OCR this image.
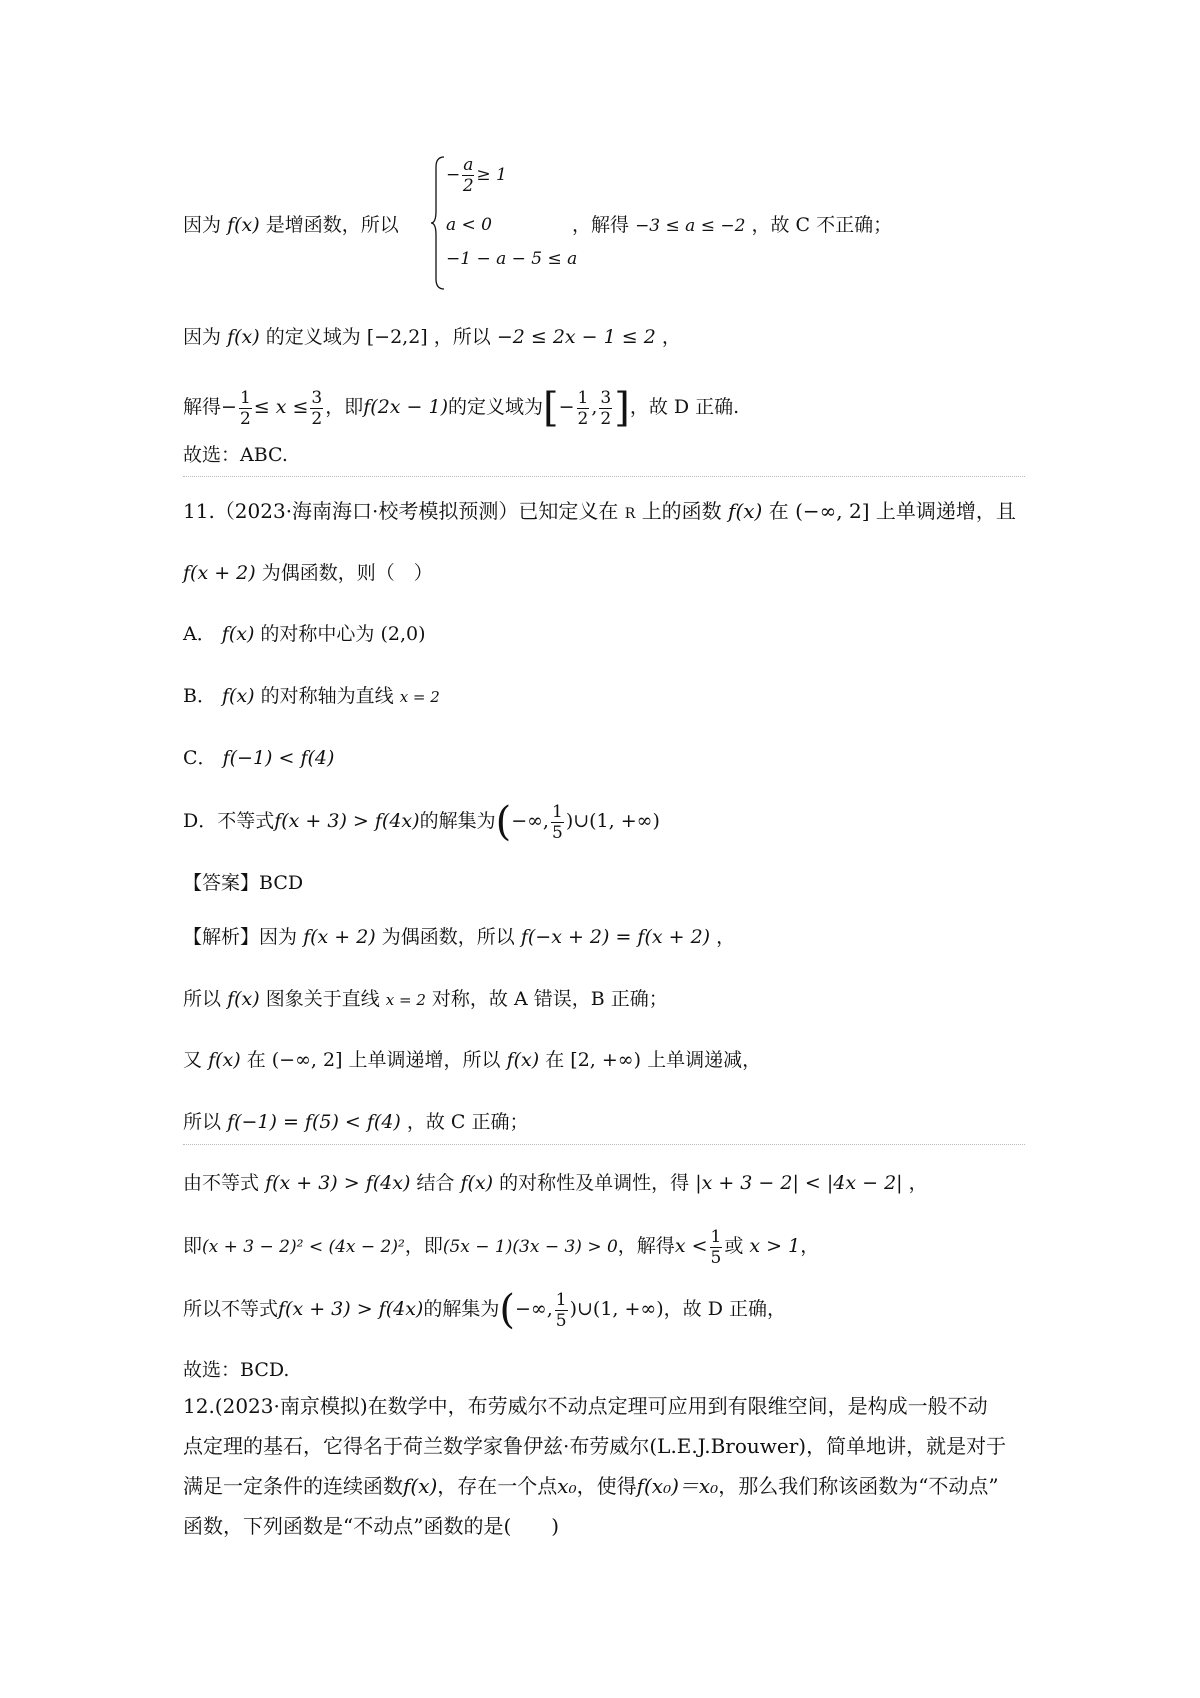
因为 f(x) 是增函数，所以
− $\frac{a}{2} \ge 1$
a < 0
−1 − a − 5 ≤ a
，解得 −3 ≤ a ≤ −2 ，故 C 不正确；
因为 f(x) 的定义域为 [−2,2] ，所以 −2 ≤ 2x − 1 ≤ 2 ，
解得− $\frac{1}{2} \le x \le \frac{3}{2}$ ，即f(2x − 1)的定义域为[− $\frac{1}{2}$ , $\frac{3}{2}$ ]，故 D 正确.
故选：ABC.
11.（2023·海南海口·校考模拟预测）已知定义在 R 上的函数 f(x) 在 (−∞, 2] 上单调递增，且
f(x + 2) 为偶函数，则（　）
A． f(x) 的对称中心为 (2,0)
B． f(x) 的对称轴为直线 x = 2
C． f(−1) < f(4)
D．不等式f(x + 3) > f(4x)的解集为(−∞, $\frac{1}{5}$ )∪(1, +∞)
【答案】BCD
【解析】因为 f(x + 2) 为偶函数，所以 f(−x + 2) = f(x + 2) ，
所以 f(x) 图象关于直线 x = 2 对称，故 A 错误，B 正确；
又 f(x) 在 (−∞, 2] 上单调递增，所以 f(x) 在 [2, +∞) 上单调递减，
所以 f(−1) = f(5) < f(4) ，故 C 正确；
由不等式 f(x + 3) > f(4x) 结合 f(x) 的对称性及单调性，得 |x + 3 − 2| < |4x − 2| ，
即(x + 3 − 2)² < (4x − 2)²，即(5x − 1)(3x − 3) > 0，解得$x < \frac{1}{5}$ 或 x > 1，
所以不等式f(x + 3) > f(4x)的解集为(−∞, $\frac{1}{5}$ )∪(1, +∞)，故 D 正确，
故选：BCD.
12.(2023·南京模拟)在数学中，布劳威尔不动点定理可应用到有限维空间，是构成一般不动
点定理的基石，它得名于荷兰数学家鲁伊兹·布劳威尔(L.E.J.Brouwer)，简单地讲，就是对于
满足一定条件的连续函数f(x)，存在一个点x₀，使得f(x₀)＝x₀，那么我们称该函数为“不动点”
函数，下列函数是“不动点”函数的是(　　)
